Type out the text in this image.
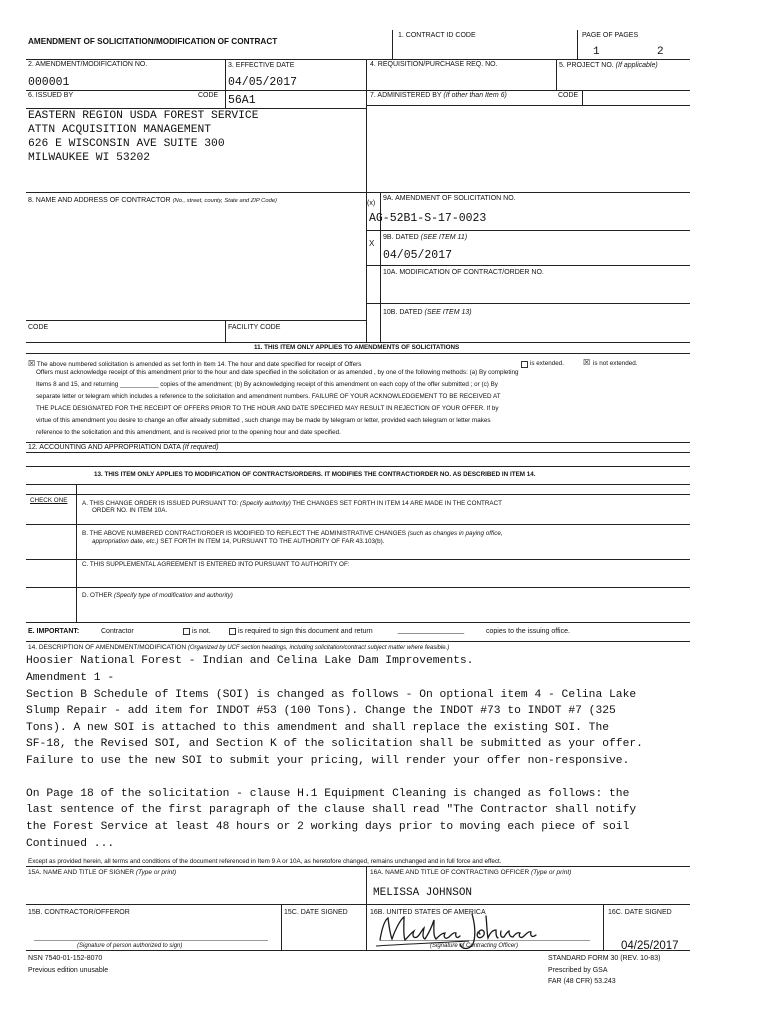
AMENDMENT OF SOLICITATION/MODIFICATION OF CONTRACT
1. CONTRACT ID CODE	PAGE OF PAGES
1	2
2. AMENDMENT/MODIFICATION NO.
000001
3. EFFECTIVE DATE
04/05/2017
4. REQUISITION/PURCHASE REQ. NO.	5. PROJECT NO. (If applicable)
6. ISSUED BY	CODE 56A1	7. ADMINISTERED BY (If other than Item 6)	CODE
EASTERN REGION USDA FOREST SERVICE
ATTN ACQUISITION MANAGEMENT
626 E WISCONSIN AVE SUITE 300
MILWAUKEE WI 53202
8. NAME AND ADDRESS OF CONTRACTOR (No., street, county, State and ZIP Code)	(x)
9A. AMENDMENT OF SOLICITATION NO.
AG-52B1-S-17-0023
X
9B. DATED (SEE ITEM 11)
04/05/2017
10A. MODIFICATION OF CONTRACT/ORDER NO.
10B. DATED (SEE ITEM 13)
CODE	FACILITY CODE
11. THIS ITEM ONLY APPLIES TO AMENDMENTS OF SOLICITATIONS
☒ The above numbered solicitation is amended as set forth in Item 14. The hour and date specified for receipt of Offers	is extended. ☒ is not extended.
Offers must acknowledge receipt of this amendment prior to the hour and date specified in the solicitation or as amended , by one of the following methods: (a) By completing
Items 8 and 15, and returning ___________ copies of the amendment; (b) By acknowledging receipt of this amendment on each copy of the offer submitted ; or (c) By
separate letter or telegram which includes a reference to the solicitation and amendment numbers. FAILURE OF YOUR ACKNOWLEDGEMENT TO BE RECEIVED AT
THE PLACE DESIGNATED FOR THE RECEIPT OF OFFERS PRIOR TO THE HOUR AND DATE SPECIFIED MAY RESULT IN REJECTION OF YOUR OFFER. If by
virtue of this amendment you desire to change an offer already submitted , such change may be made by telegram or letter, provided each telegram or letter makes
reference to the solicitation and this amendment, and is received prior to the opening hour and date specified.
12. ACCOUNTING AND APPROPRIATION DATA (If required)
13. THIS ITEM ONLY APPLIES TO MODIFICATION OF CONTRACTS/ORDERS. IT MODIFIES THE CONTRACT/ORDER NO. AS DESCRIBED IN ITEM 14.
CHECK ONE A. THIS CHANGE ORDER IS ISSUED PURSUANT TO: (Specify authority) THE CHANGES SET FORTH IN ITEM 14 ARE MADE IN THE CONTRACT
ORDER NO. IN ITEM 10A.
B. THE ABOVE NUMBERED CONTRACT/ORDER IS MODIFIED TO REFLECT THE ADMINISTRATIVE CHANGES (such as changes in paying office,
appropriation date, etc.) SET FORTH IN ITEM 14, PURSUANT TO THE AUTHORITY OF FAR 43.103(b).
C. THIS SUPPLEMENTAL AGREEMENT IS ENTERED INTO PURSUANT TO AUTHORITY OF:
D. OTHER (Specify type of modification and authority)
E. IMPORTANT:	Contractor	is not.	is required to sign this document and return	_________________	copies to the issuing office.
14. DESCRIPTION OF AMENDMENT/MODIFICATION (Organized by UCF section headings, including solicitation/contract subject matter where feasible.)
Hoosier National Forest - Indian and Celina Lake Dam Improvements.
Amendment 1 -
Section B Schedule of Items (SOI) is changed as follows - On optional item 4 - Celina Lake
Slump Repair - add item for INDOT #53 (100 Tons). Change the INDOT #73 to INDOT #7 (325
Tons). A new SOI is attached to this amendment and shall replace the existing SOI. The
SF-18, the Revised SOI, and Section K of the solicitation shall be submitted as your offer.
Failure to use the new SOI to submit your pricing, will render your offer non-responsive.
On Page 18 of the solicitation - clause H.1 Equipment Cleaning is changed as follows: the
last sentence of the first paragraph of the clause shall read "The Contractor shall notify
the Forest Service at least 48 hours or 2 working days prior to moving each piece of soil
Continued ...
Except as provided herein, all terms and conditions of the document referenced in Item 9 A or 10A, as heretofore changed, remains unchanged and in full force and effect.
15A. NAME AND TITLE OF SIGNER (Type or print)	16A. NAME AND TITLE OF CONTRACTING OFFICER (Type or print)
MELISSA JOHNSON
15B. CONTRACTOR/OFFEROR	15C. DATE SIGNED	16B. UNITED STATES OF AMERICA	16C. DATE SIGNED
(Signature of person authorized to sign)	(Signature of Contracting Officer)	04/25/2017
NSN 7540-01-152-8070
Previous edition unusable
STANDARD FORM 30 (REV. 10-83)
Prescribed by GSA
FAR (48 CFR) 53.243
